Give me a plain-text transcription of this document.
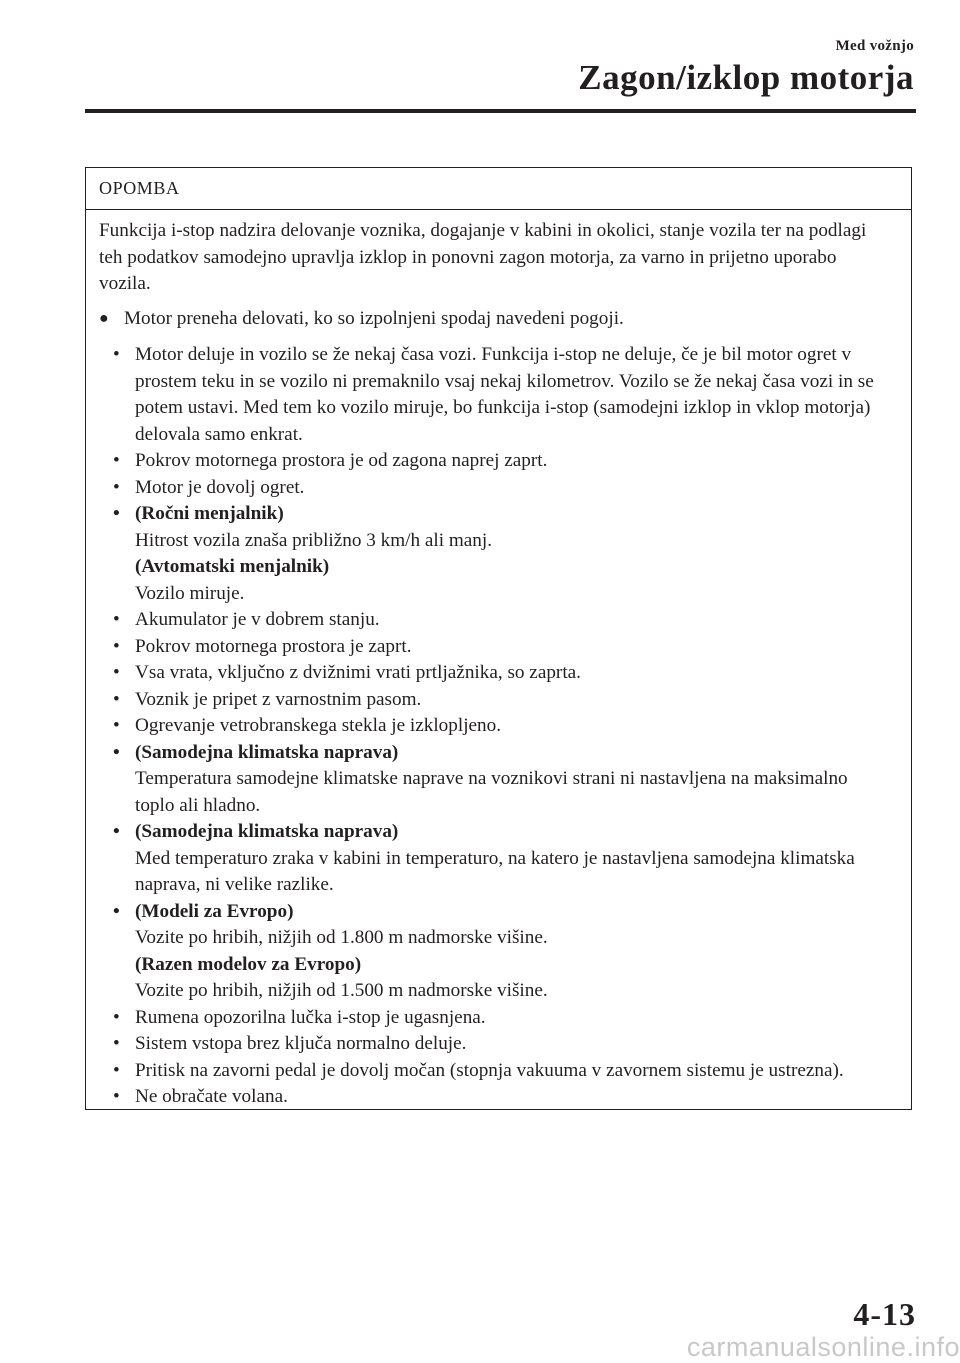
Med vožnjo
Zagon/izklop motorja
OPOMBA

Funkcija i-stop nadzira delovanje voznika, dogajanje v kabini in okolici, stanje vozila ter na podlagi teh podatkov samodejno upravlja izklop in ponovni zagon motorja, za varno in prijetno uporabo vozila.

● Motor preneha delovati, ko so izpolnjeni spodaj navedeni pogoji.
• Motor deluje in vozilo se že nekaj časa vozi. Funkcija i-stop ne deluje, če je bil motor ogret v prostem teku in se vozilo ni premaknilo vsaj nekaj kilometrov. Vozilo se že nekaj časa vozi in se potem ustavi. Med tem ko vozilo miruje, bo funkcija i-stop (samodejni izklop in vklop motorja) delovala samo enkrat.
• Pokrov motornega prostora je od zagona naprej zaprt.
• Motor je dovolj ogret.
• (Ročni menjalnik)
Hitrost vozila znaša približno 3 km/h ali manj.
(Avtomatski menjalnik)
Vozilo miruje.
• Akumulator je v dobrem stanju.
• Pokrov motornega prostora je zaprt.
• Vsa vrata, vključno z dvižnimi vrati prtljažnika, so zaprta.
• Voznik je pripet z varnostnim pasom.
• Ogrevanje vetrobranskega stekla je izklopljeno.
• (Samodejna klimatska naprava)
Temperatura samodejne klimatske naprave na voznikovi strani ni nastavljena na maksimalno toplo ali hladno.
• (Samodejna klimatska naprava)
Med temperaturo zraka v kabini in temperaturo, na katero je nastavljena samodejna klimatska naprava, ni velike razlike.
• (Modeli za Evropo)
Vozite po hribih, nižjih od 1.800 m nadmorske višine.
(Razen modelov za Evropo)
Vozite po hribih, nižjih od 1.500 m nadmorske višine.
• Rumena opozorilna lučka i-stop je ugasnjena.
• Sistem vstopa brez ključa normalno deluje.
• Pritisk na zavorni pedal je dovolj močan (stopnja vakuuma v zavornem sistemu je ustrezna).
• Ne obračate volana.
4-13
carmanualsonline.info
